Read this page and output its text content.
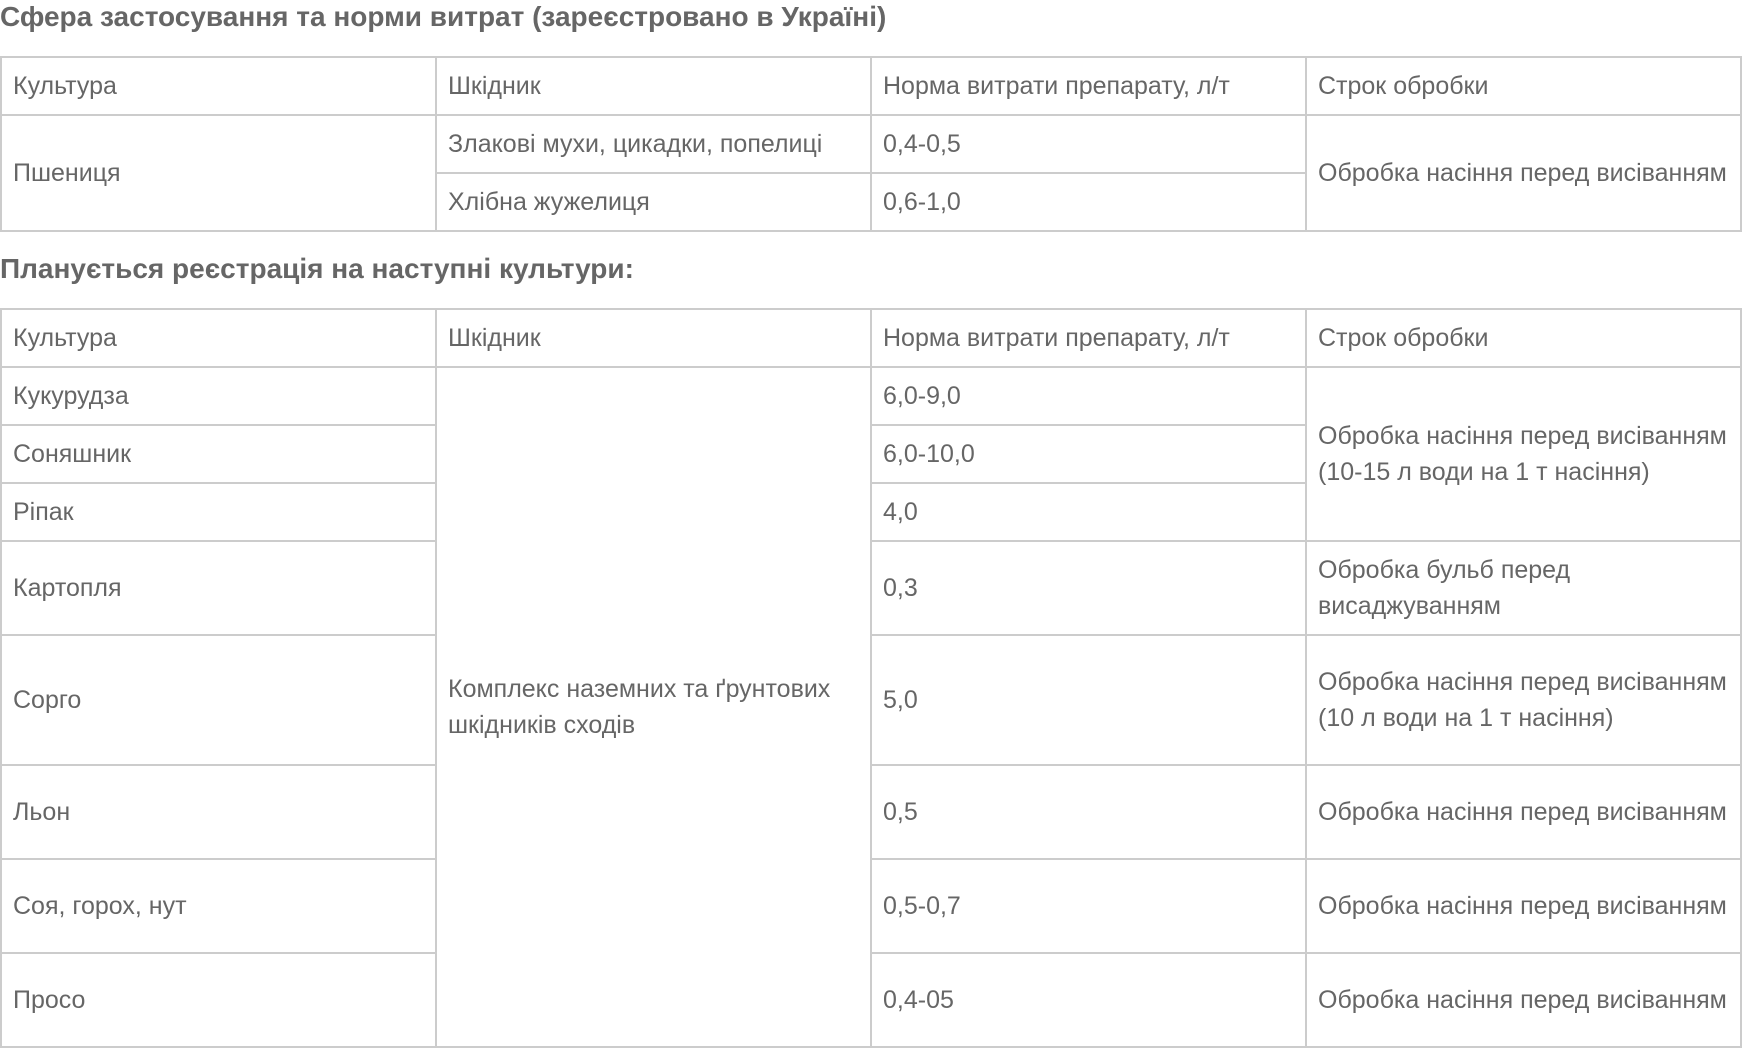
Сфера застосування та норми витрат (зареєстровано в Україні)
Культура	Шкідник	Норма витрати препарату, л/т	Строк обробки
Пшениця	Злакові мухи, цикадки, попелиці	0,4-0,5	Обробка насіння перед висіванням
	Хлібна жужелиця	0,6-1,0	
Планується реєстрація на наступні культури:
Культура	Шкідник	Норма витрати препарату, л/т	Строк обробки
Кукурудза	Комплекс наземних та ґрунтових шкідників сходів	6,0-9,0	Обробка насіння перед висіванням (10-15 л води на 1 т насіння)
Соняшник		6,0-10,0	
Ріпак		4,0	
Картопля		0,3	Обробка бульб перед висаджуванням
Сорго		5,0	Обробка насіння перед висіванням (10 л води на 1 т насіння)
Льон		0,5	Обробка насіння перед висіванням
Соя, горох, нут		0,5-0,7	Обробка насіння перед висіванням
Просо		0,4-05	Обробка насіння перед висіванням
